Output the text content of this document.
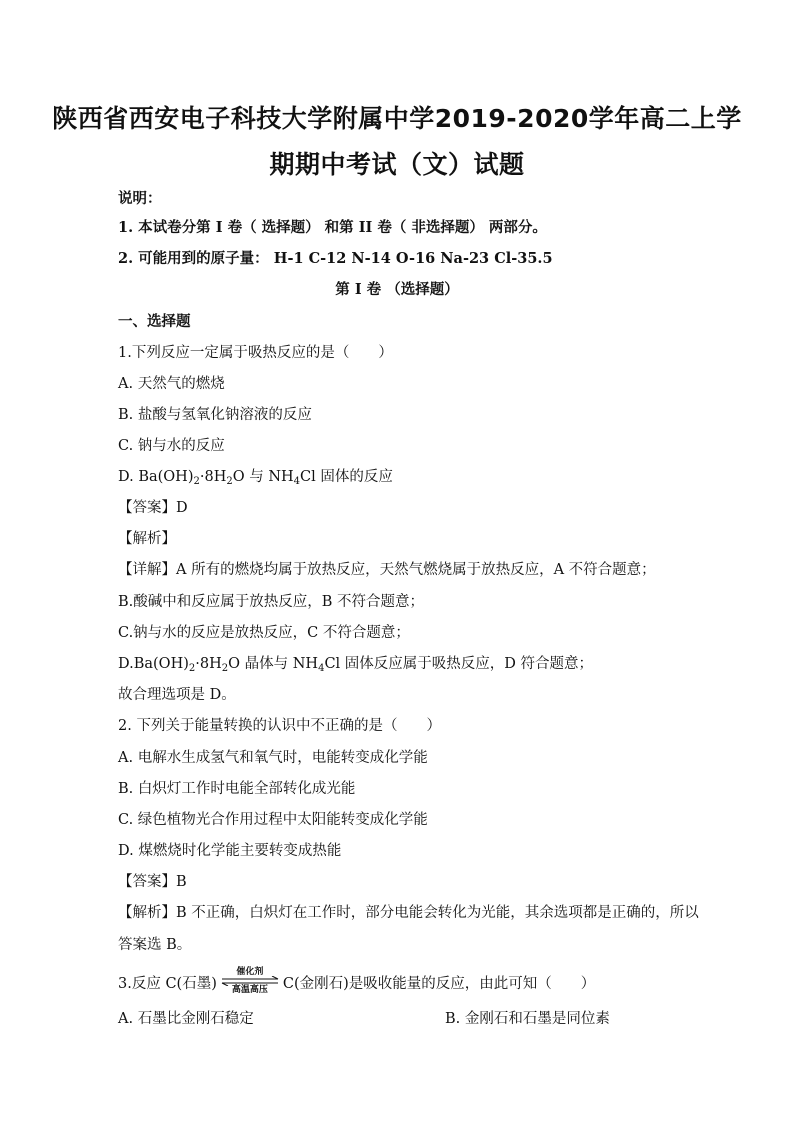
陕西省西安电子科技大学附属中学2019-2020学年高二上学
期期中考试（文）试题
说明：
1. 本试卷分第 I 卷（ 选择题） 和第 II 卷（ 非选择题） 两部分。
2. 可能用到的原子量： H-1 C-12 N-14 O-16 Na-23 Cl-35.5
第 I 卷 （选择题）
一、选择题
1.下列反应一定属于吸热反应的是（　　）
A. 天然气的燃烧
B. 盐酸与氢氧化钠溶液的反应
C. 钠与水的反应
D. $Ba(OH)_2\cdot 8H_2O$ 与 $NH_4Cl$ 固体的反应
【答案】D
【解析】
【详解】A 所有的燃烧均属于放热反应，天然气燃烧属于放热反应，A 不符合题意；
B.酸碱中和反应属于放热反应，B 不符合题意；
C.钠与水的反应是放热反应，C 不符合题意；
$D.Ba(OH)_2\cdot 8H_2O$ 晶体与 $NH_4Cl$ 固体反应属于吸热反应，D 符合题意；
故合理选项是 D。
2. 下列关于能量转换的认识中不正确的是（　　）
A. 电解水生成氢气和氧气时，电能转变成化学能
B. 白炽灯工作时电能全部转化成光能
C. 绿色植物光合作用过程中太阳能转变成化学能
D. 煤燃烧时化学能主要转变成热能
【答案】B
【解析】B 不正确，白炽灯在工作时，部分电能会转化为光能，其余选项都是正确的，所以
答案选 B。
3.反应 C(石墨)
催化剂
高温高压	C(金刚石)是吸收能量的反应，由此可知（　　）
A. 石墨比金刚石稳定	B. 金刚石和石墨是同位素
